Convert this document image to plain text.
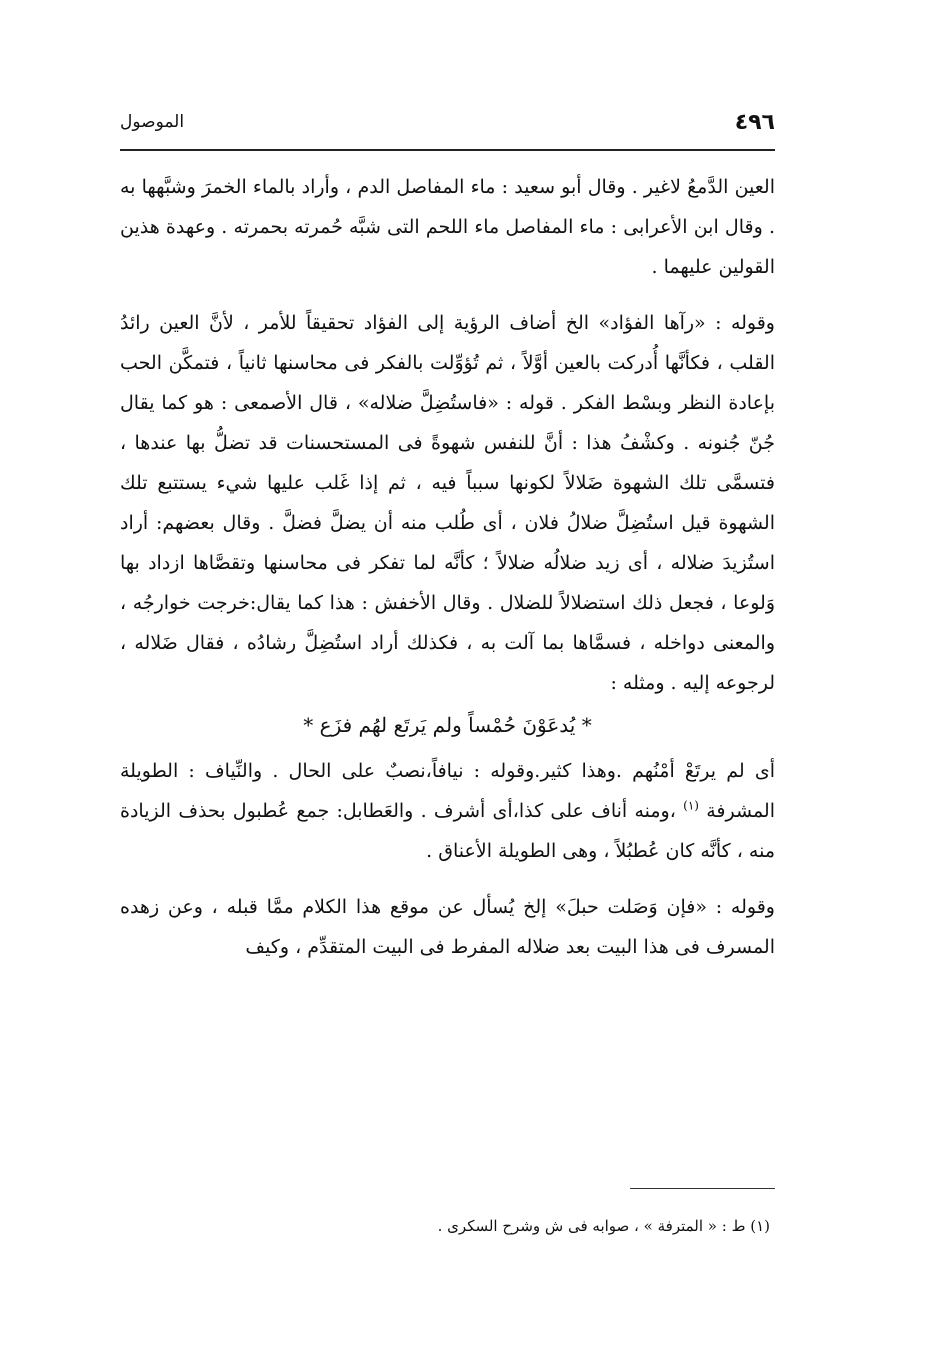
٤٩٦
الموصول

العين الدَّمعُ لاغير . وقال أبو سعيد : ماء المفاصل الدم ، وأراد بالماء الخمرَ وشبَّهها به . وقال ابن الأعرابى : ماء المفاصل ماء اللحم التى شبَّه حُمرته بحمرته . وعهدة هذين القولين عليهما .

وقوله : «رآها الفؤاد» الخ أضاف الرؤية إلى الفؤاد تحقيقاً للأمر ، لأنَّ العين رائدُ القلب ، فكأنَّها أُدركت بالعين أوَّلاً ، ثم تُؤوِّلت بالفكر فى محاسنها ثانياً ، فتمكَّن الحب بإعادة النظر وبسْط الفكر . قوله : «فاستُضِلَّ ضلاله» ، قال الأصمعى : هو كما يقال جُنّ جُنونه . وكشْفُ هذا : أنَّ للنفس شهوةً فى المستحسنات قد تضلُّ بها عندها ، فتسمَّى تلك الشهوة ضَلالاً لكونها سبباً فيه ، ثم إذا غَلب عليها شيء يستتبع تلك الشهوة قيل استُضِلَّ ضلالُ فلان ، أى طُلب منه أن يضلَّ فضلَّ . وقال بعضهم: أراد استُزيدَ ضلاله ، أى زيد ضلالُه ضلالاً ؛ كأنَّه لما تفكر فى محاسنها وتقصَّاها ازداد بها وَلوعا ، فجعل ذلك استضلالاً للضلال . وقال الأخفش : هذا كما يقال:خرجت خوارجُه ، والمعنى دواخله ، فسمَّاها بما آلت به ، فكذلك أراد استُضِلَّ رشادُه ، فقال ضَلاله ، لرجوعه إليه . ومثله :

* يُدعَوْنَ حُمْساً ولم يَرتَع لهُم فزَع *

أى لم يرتَعْ أمْنُهم .وهذا كثير.وقوله : نيافاً،نصبٌ على الحال . والنِّياف : الطويلة المشرفة $^{(١)}$ ،ومنه أناف على كذا،أى أشرف . والعَطابل: جمع عُطبول بحذف الزيادة منه ، كأنَّه كان عُطبُلاً ، وهى الطويلة الأعناق .

وقوله : «فإن وَصَلت حبلَ» إلخ يُسأل عن موقع هذا الكلام ممَّا قبله ، وعن زهده المسرف فى هذا البيت بعد ضلاله المفرط فى البيت المتقدِّم ، وكيف

(١) ط : « المترفة » ، صوابه فى ش وشرح السكرى .
